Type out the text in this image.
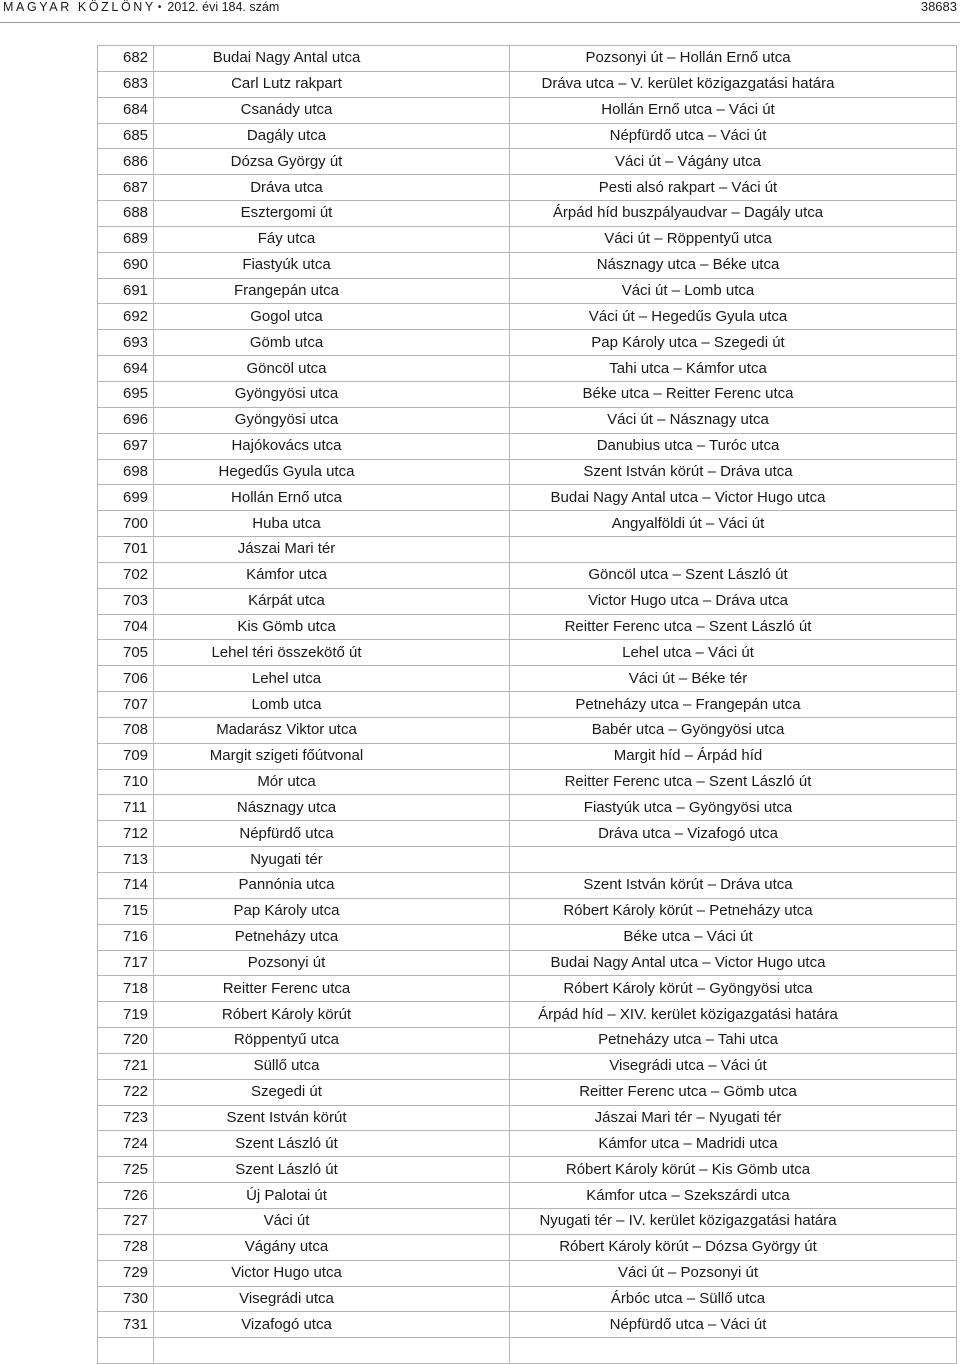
MAGYAR KÖZLÖNY • 2012. évi 184. szám	38683
682	Budai Nagy Antal utca	Pozsonyi út – Hollán Ernő utca
683	Carl Lutz rakpart	Dráva utca – V. kerület közigazgatási határa
684	Csanády utca	Hollán Ernő utca – Váci út
685	Dagály utca	Népfürdő utca – Váci út
686	Dózsa György út	Váci út – Vágány utca
687	Dráva utca	Pesti alsó rakpart – Váci út
688	Esztergomi út	Árpád híd buszpályaudvar – Dagály utca
689	Fáy utca	Váci út – Röppentyű utca
690	Fiastyúk utca	Násznagy utca – Béke utca
691	Frangepán utca	Váci út – Lomb utca
692	Gogol utca	Váci út – Hegedűs Gyula utca
693	Gömb utca	Pap Károly utca – Szegedi út
694	Göncöl utca	Tahi utca – Kámfor utca
695	Gyöngyösi utca	Béke utca – Reitter Ferenc utca
696	Gyöngyösi utca	Váci út – Násznagy utca
697	Hajókovács utca	Danubius utca – Turóc utca
698	Hegedűs Gyula utca	Szent István körút – Dráva utca
699	Hollán Ernő utca	Budai Nagy Antal utca – Victor Hugo utca
700	Huba utca	Angyalföldi út – Váci út
701	Jászai Mari tér	
702	Kámfor utca	Göncöl utca – Szent László út
703	Kárpát utca	Victor Hugo utca – Dráva utca
704	Kis Gömb utca	Reitter Ferenc utca – Szent László út
705	Lehel téri összekötő út	Lehel utca – Váci út
706	Lehel utca	Váci út – Béke tér
707	Lomb utca	Petneházy utca – Frangepán utca
708	Madarász Viktor utca	Babér utca – Gyöngyösi utca
709	Margit szigeti főútvonal	Margit híd – Árpád híd
710	Mór utca	Reitter Ferenc utca – Szent László út
711	Násznagy utca	Fiastyúk utca – Gyöngyösi utca
712	Népfürdő utca	Dráva utca – Vizafogó utca
713	Nyugati tér	
714	Pannónia utca	Szent István körút – Dráva utca
715	Pap Károly utca	Róbert Károly körút – Petneházy utca
716	Petneházy utca	Béke utca – Váci út
717	Pozsonyi út	Budai Nagy Antal utca – Victor Hugo utca
718	Reitter Ferenc utca	Róbert Károly körút – Gyöngyösi utca
719	Róbert Károly körút	Árpád híd – XIV. kerület közigazgatási határa
720	Röppentyű utca	Petneházy utca – Tahi utca
721	Süllő utca	Visegrádi utca – Váci út
722	Szegedi út	Reitter Ferenc utca – Gömb utca
723	Szent István körút	Jászai Mari tér – Nyugati tér
724	Szent László út	Kámfor utca – Madridi utca
725	Szent László út	Róbert Károly körút – Kis Gömb utca
726	Új Palotai út	Kámfor utca – Szekszárdi utca
727	Váci út	Nyugati tér – IV. kerület közigazgatási határa
728	Vágány utca	Róbert Károly körút – Dózsa György út
729	Victor Hugo utca	Váci út – Pozsonyi út
730	Visegrádi utca	Árbóc utca – Süllő utca
731	Vizafogó utca	Népfürdő utca – Váci út
